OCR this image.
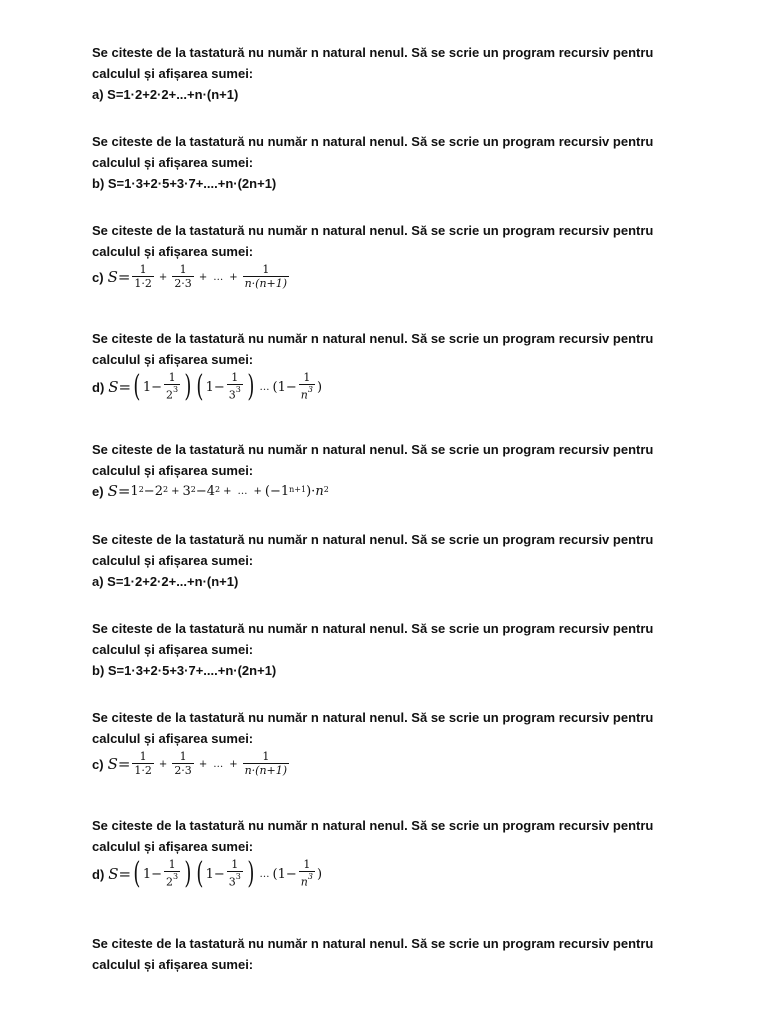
Se citeste de la tastatură nu număr n natural nenul. Să se scrie un program recursiv pentru
calculul și afișarea sumei:
a) S=1·2+2·2+...+n·(n+1)
Se citeste de la tastatură nu număr n natural nenul. Să se scrie un program recursiv pentru
calculul și afișarea sumei:
b) S=1·3+2·5+3·7+....+n·(2n+1)
Se citeste de la tastatură nu număr n natural nenul. Să se scrie un program recursiv pentru
calculul și afișarea sumei:
c) $S= \frac{1}{1\cdot 2} + \frac{1}{2\cdot 3}$ + … + $\frac{1}{n\cdot(n+1)}$
Se citeste de la tastatură nu număr n natural nenul. Să se scrie un program recursiv pentru
calculul și afișarea sumei:
d) S= ( $1- \frac{1}{2^3}$ ) ( $1- \frac{1}{3^3}$ ) … ( $1- \frac{1}{n^3}$ )
Se citeste de la tastatură nu număr n natural nenul. Să se scrie un program recursiv pentru
calculul și afișarea sumei:
e) S= 1 2 − 2 2 + 3 2 − 4 2 + … + (−1 n+1 )· n 2
Se citeste de la tastatură nu număr n natural nenul. Să se scrie un program recursiv pentru
calculul și afișarea sumei:
a) S=1·2+2·2+...+n·(n+1)
Se citeste de la tastatură nu număr n natural nenul. Să se scrie un program recursiv pentru
calculul și afișarea sumei:
b) S=1·3+2·5+3·7+....+n·(2n+1)
Se citeste de la tastatură nu număr n natural nenul. Să se scrie un program recursiv pentru
calculul și afișarea sumei:
c) $S= \frac{1}{1\cdot 2} + \frac{1}{2\cdot 3}$ + … + $\frac{1}{n\cdot(n+1)}$
Se citeste de la tastatură nu număr n natural nenul. Să se scrie un program recursiv pentru
calculul și afișarea sumei:
d) S= ( $1- \frac{1}{2^3}$ ) ( $1- \frac{1}{3^3}$ ) … ( $1- \frac{1}{n^3}$ )
Se citeste de la tastatură nu număr n natural nenul. Să se scrie un program recursiv pentru
calculul și afișarea sumei:
